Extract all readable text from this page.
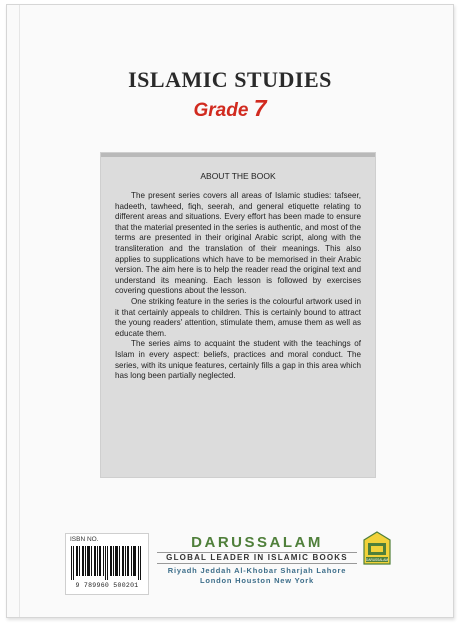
ISLAMIC STUDIES
Grade 7
ABOUT THE BOOK

The present series covers all areas of Islamic studies: tafseer, hadeeth, tawheed, fiqh, seerah, and general etiquette relating to different areas and situations. Every effort has been made to ensure that the material presented in the series is authentic, and most of the terms are presented in their original Arabic script, along with the transliteration and the translation of their meanings. This also applies to supplications which have to be memorised in their Arabic version. The aim here is to help the reader read the original text and understand its meaning. Each lesson is followed by exercises covering questions about the lesson.

One striking feature in the series is the colourful artwork used in it that certainly appeals to children. This is certainly bound to attract the young readers' attention, stimulate them, amuse them as well as educate them.

The series aims to acquaint the student with the teachings of Islam in every aspect: beliefs, practices and moral conduct. The series, with its unique features, certainly fills a gap in this area which has long been partially neglected.

ISBN NO.
9 789960 500201
DARUSSALAM
GLOBAL LEADER IN ISLAMIC BOOKS
Riyadh Jeddah Al-Khobar Sharjah Lahore
London Houston New York
DARUSSALAM
